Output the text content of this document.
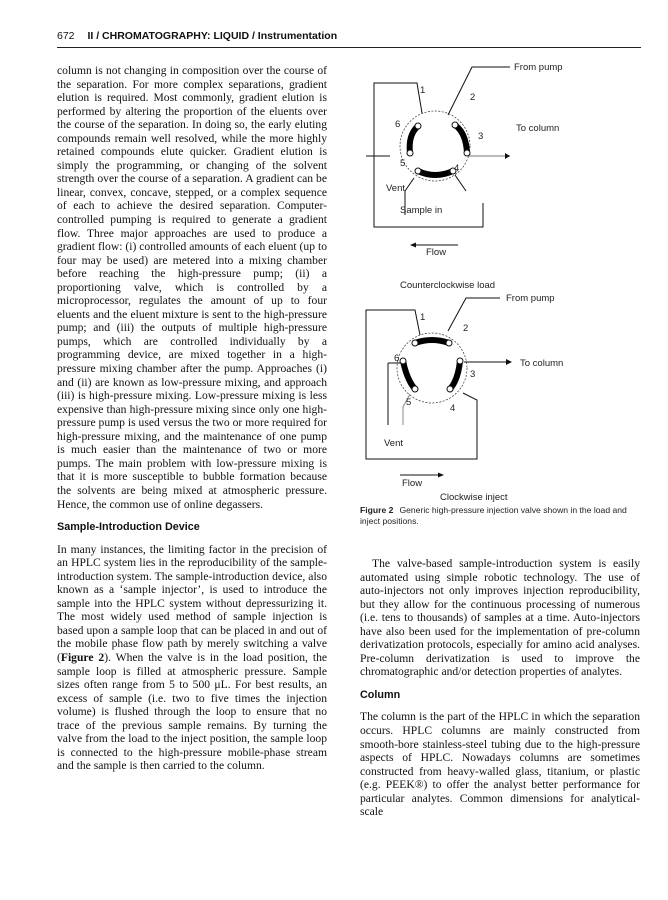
672 II / CHROMATOGRAPHY: LIQUID / Instrumentation

column is not changing in composition over the course of the separation. For more complex separations, gradient elution is required. Most commonly, gradient elution is performed by altering the proportion of the eluents over the course of the separation. In doing so, the early eluting compounds remain well resolved, while the more highly retained compounds elute quicker. Gradient elution is simply the programming, or changing of the solvent strength over the course of a separation. A gradient can be linear, convex, concave, stepped, or a complex sequence of each to achieve the desired separation. Computer-controlled pumping is required to generate a gradient flow. Three major approaches are used to produce a gradient flow: (i) controlled amounts of each eluent (up to four may be used) are metered into a mixing chamber before reaching the high-pressure pump; (ii) a proportioning valve, which is controlled by a microprocessor, regulates the amount of up to four eluents and the eluent mixture is sent to the high-pressure pump; and (iii) the outputs of multiple high-pressure pumps, which are controlled individually by a programming device, are mixed together in a high-pressure mixing chamber after the pump. Approaches (i) and (ii) are known as low-pressure mixing, and approach (iii) is high-pressure mixing. Low-pressure mixing is less expensive than high-pressure mixing since only one high-pressure pump is used versus the two or more required for high-pressure mixing, and the maintenance of one pump is much easier than the maintenance of two or more pumps. The main problem with low-pressure mixing is that it is more susceptible to bubble formation because the solvents are being mixed at atmospheric pressure. Hence, the common use of online degassers.

Sample-Introduction Device

In many instances, the limiting factor in the precision of an HPLC system lies in the reproducibility of the sample-introduction system. The sample-introduction device, also known as a ‘sample injector’, is used to introduce the sample into the HPLC system without depressurizing it. The most widely used method of sample injection is based upon a sample loop that can be placed in and out of the mobile phase flow path by merely switching a valve (Figure 2). When the valve is in the load position, the sample loop is filled at atmospheric pressure. Sample sizes often range from 5 to 500 μL. For best results, an excess of sample (i.e. two to five times the injection volume) is flushed through the loop to ensure that no trace of the previous sample remains. By turning the valve from the load to the inject position, the sample loop is connected to the high-pressure mobile-phase stream and the sample is then carried to the column.

1
2
3
4
5
6
From pump
To column
Vent
Sample in
Flow
Counterclockwise load
1
2
3
4
5
6
From pump
To column
Vent
Flow
Clockwise inject
Figure 2 Generic high-pressure injection valve shown in the load and inject positions.

The valve-based sample-introduction system is easily automated using simple robotic technology. The use of auto-injectors not only improves injection reproducibility, but they allow for the continuous processing of numerous (i.e. tens to thousands) of samples at a time. Auto-injectors have also been used for the implementation of pre-column derivatization protocols, especially for amino acid analyses. Pre-column derivatization is used to improve the chromatographic and/or detection properties of analytes.

Column

The column is the part of the HPLC in which the separation occurs. HPLC columns are mainly constructed from smooth-bore stainless-steel tubing due to the high-pressure aspects of HPLC. Nowadays columns are sometimes constructed from heavy-walled glass, titanium, or plastic (e.g. PEEK®) to offer the analyst better performance for particular analytes. Common dimensions for analytical-scale
